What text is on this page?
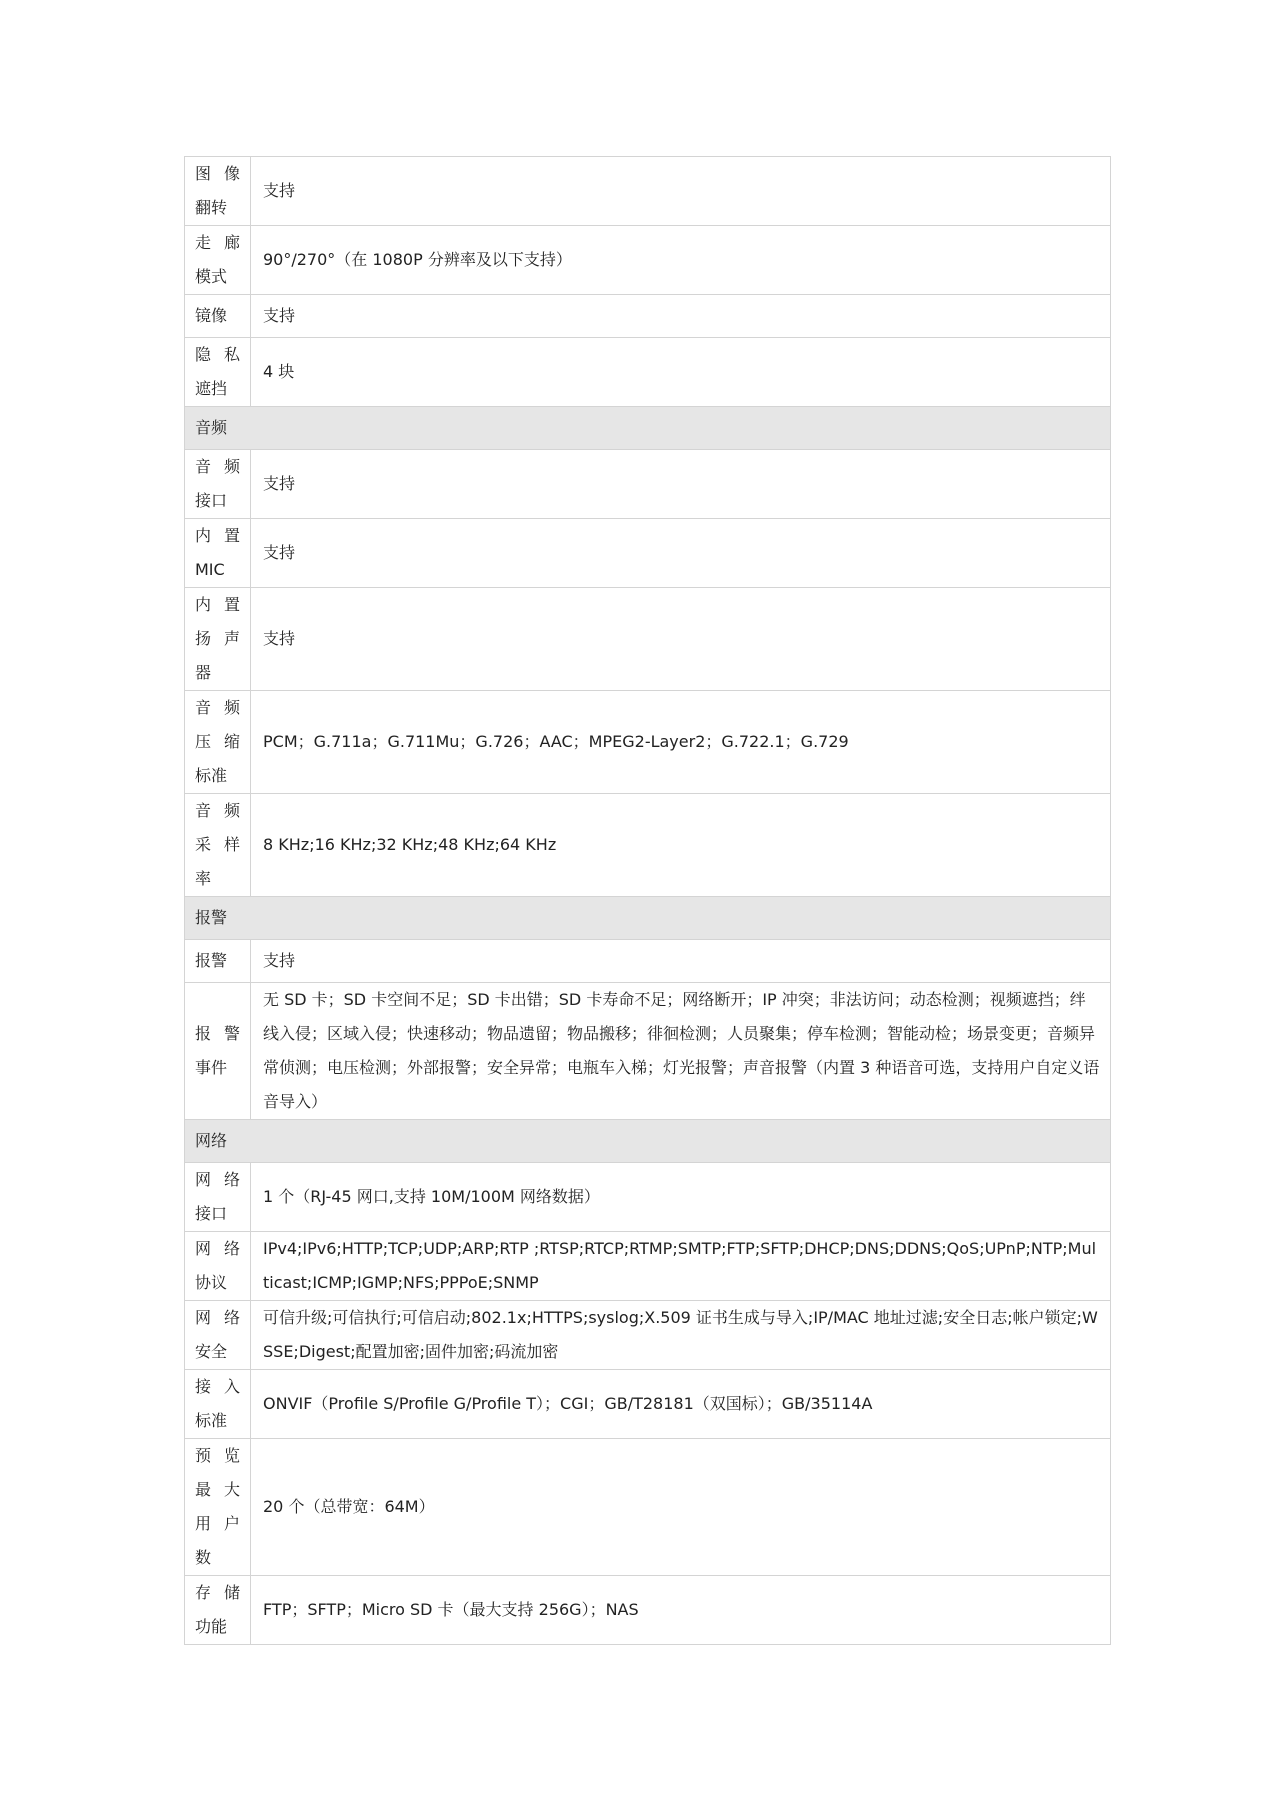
图 像
翻转	支持

走 廊
模式	90°/270°（在 1080P 分辨率及以下支持）

镜像	支持

隐 私
遮挡	4 块
音频	

音 频
接口	支持

内 置
MIC	支持

内 置
扬 声
器	支持

音 频
压 缩
标准	PCM；G.711a；G.711Mu；G.726；AAC；MPEG2-Layer2；G.722.1；G.729

音 频
采 样
率	8 KHz;16 KHz;32 KHz;48 KHz;64 KHz
报警	

报警	支持

报 警
事件	无 SD 卡；SD 卡空间不足；SD 卡出错；SD 卡寿命不足；网络断开；IP 冲突；非法访问；动态检测；视频遮挡；绊线入侵；区域入侵；快速移动；物品遗留；物品搬移；徘徊检测；人员聚集；停车检测；智能动检；场景变更；音频异常侦测；电压检测；外部报警；安全异常；电瓶车入梯；灯光报警；声音报警（内置 3 种语音可选，支持用户自定义语音导入）
网络	

网 络
接口	1 个（RJ-45 网口,支持 10M/100M 网络数据）

网 络
协议	IPv4;IPv6;HTTP;TCP;UDP;ARP;RTP ;RTSP;RTCP;RTMP;SMTP;FTP;SFTP;DHCP;DNS;DDNS;QoS;UPnP;NTP;Multicast;ICMP;IGMP;NFS;PPPoE;SNMP

网 络
安全	可信升级;可信执行;可信启动;802.1x;HTTPS;syslog;X.509 证书生成与导入;IP/MAC 地址过滤;安全日志;帐户锁定;WSSE;Digest;配置加密;固件加密;码流加密

接 入
标准	ONVIF（Profile S/Profile G/Profile T）；CGI；GB/T28181（双国标）；GB/35114A

预 览
最 大
用 户
数	20 个（总带宽：64M）

存 储
功能	FTP；SFTP；Micro SD 卡（最大支持 256G）；NAS
